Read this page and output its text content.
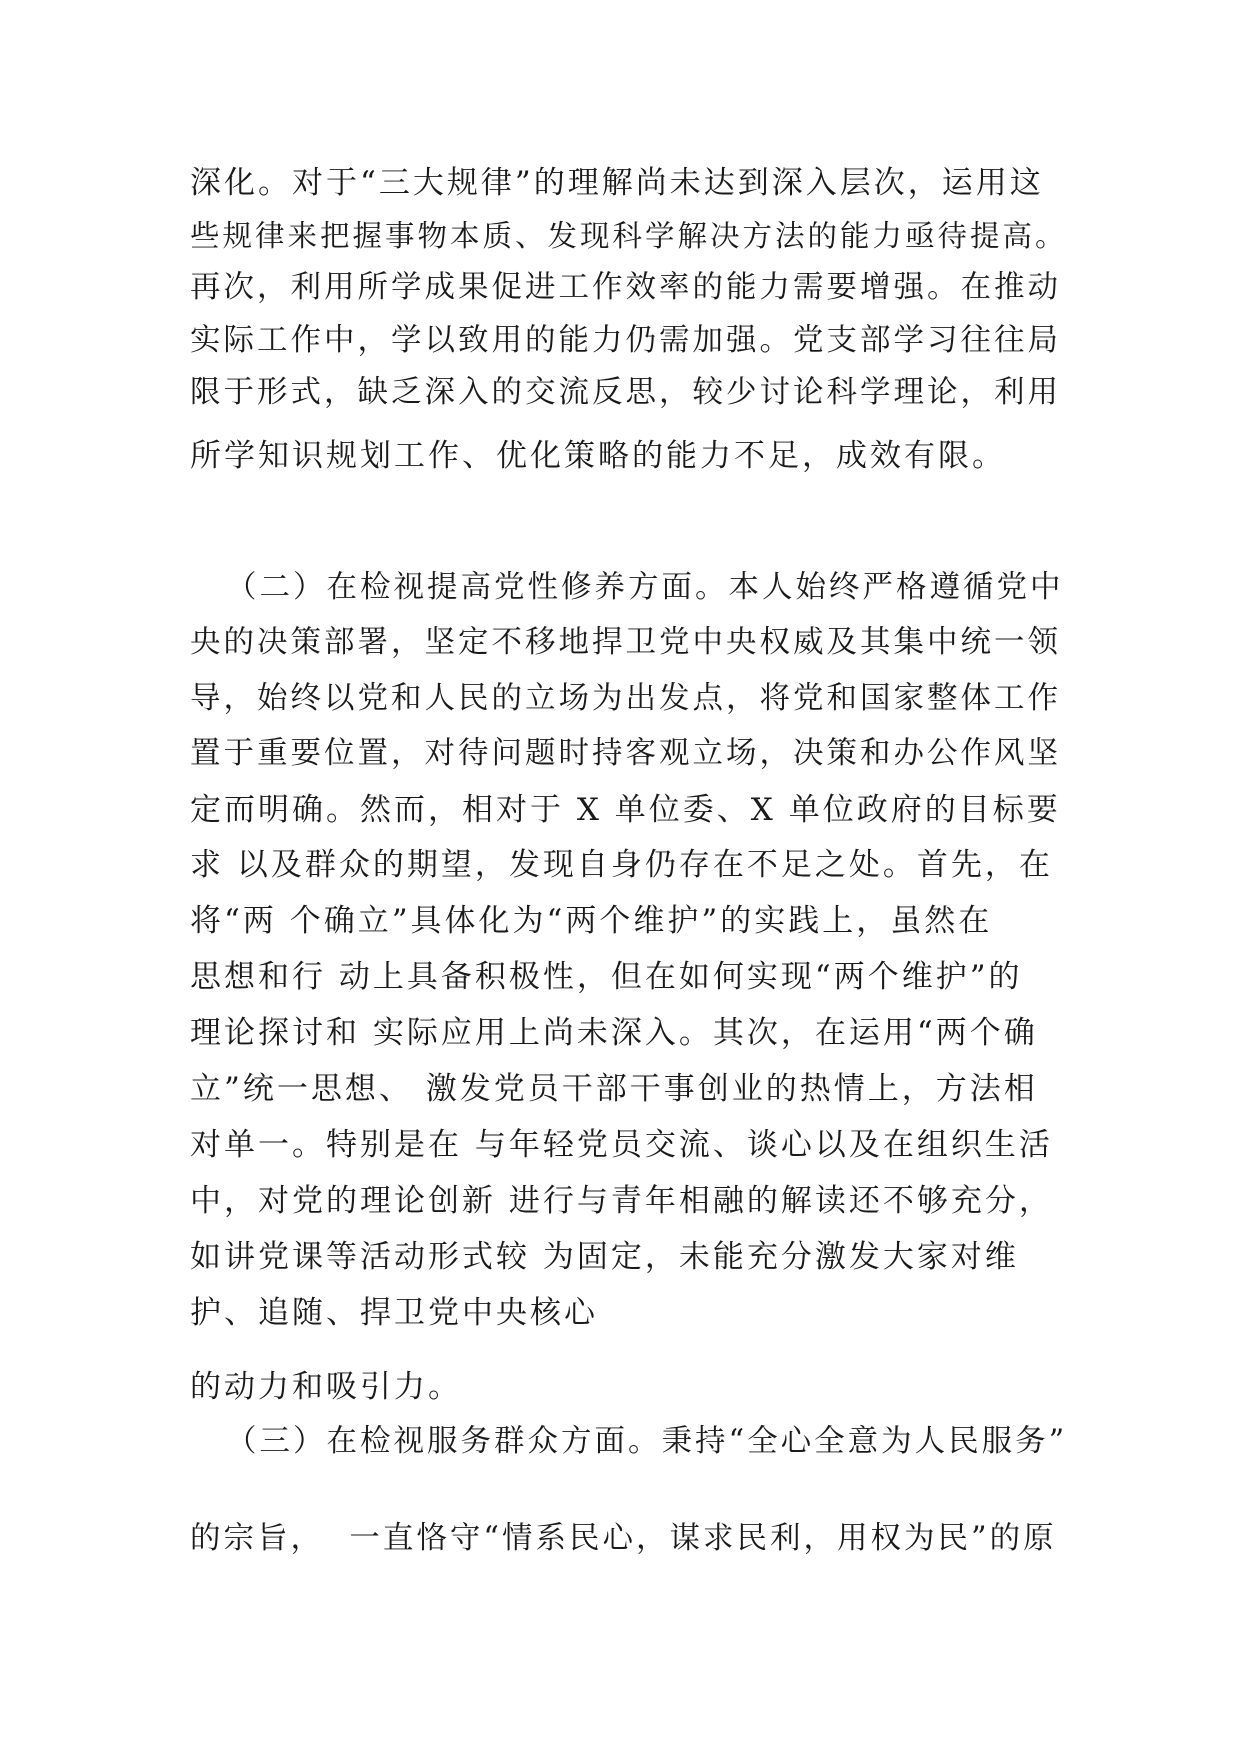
深化。对于“三大规律”的理解尚未达到深入层次，运用这
些规律来把握事物本质、发现科学解决方法的能力亟待提高。
再次，利用所学成果促进工作效率的能力需要增强。在推动
实际工作中，学以致用的能力仍需加强。党支部学习往往局
限于形式，缺乏深入的交流反思，较少讨论科学理论，利用
所学知识规划工作、优化策略的能力不足，成效有限。
（二）在检视提高党性修养方面。本人始终严格遵循党中
央的决策部署，坚定不移地捍卫党中央权威及其集中统一领
导，始终以党和人民的立场为出发点，将党和国家整体工作
置于重要位置，对待问题时持客观立场，决策和办公作风坚
定而明确。然而，相对于 X 单位委、X 单位政府的目标要
求 以及群众的期望，发现自身仍存在不足之处。首先，在
将“两 个确立”具体化为“两个维护”的实践上，虽然在
思想和行 动上具备积极性，但在如何实现“两个维护”的
理论探讨和 实际应用上尚未深入。其次，在运用“两个确
立”统一思想、 激发党员干部干事创业的热情上，方法相
对单一。特别是在 与年轻党员交流、谈心以及在组织生活
中，对党的理论创新 进行与青年相融的解读还不够充分，
如讲党课等活动形式较 为固定，未能充分激发大家对维
护、追随、捍卫党中央核心
的动力和吸引力。
（三）在检视服务群众方面。秉持“全心全意为人民服务”
的宗旨，  一直恪守“情系民心，谋求民利，用权为民”的原
